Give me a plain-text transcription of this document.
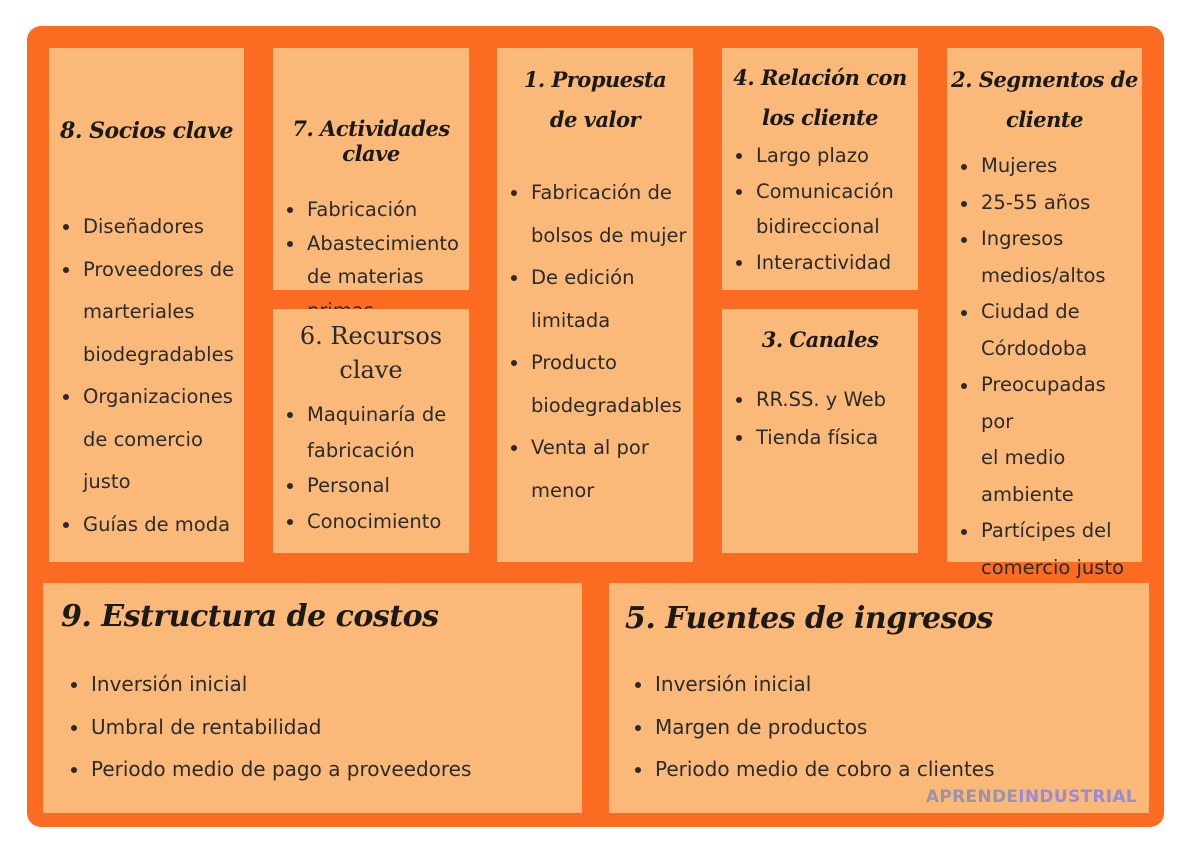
8. Socios clave
Diseñadores
Proveedores de
marteriales
biodegradables
Organizaciones
de comercio
justo
Guías de moda
7. Actividades clave
Fabricación
Abastecimiento
de materias
6. Recursos
clave
Maquinaría de
fabricación
Personal
Conocimiento
1. Propuesta
de valor
Fabricación de
bolsos de mujer
De edición
limitada
Producto
biodegradables
Venta al por
menor
4. Relación con
los cliente
Largo plazo
Comunicación
bidireccional
Interactividad
3. Canales
RR.SS. y Web
Tienda física
2. Segmentos de
cliente
Mujeres
25-55 años
Ingresos
medios/altos
Ciudad de
Córdodoba
Preocupadas por
el medio
ambiente
Partícipes del
comercio justo
9. Estructura de costos
Inversión inicial
Umbral de rentabilidad
Periodo medio de pago a proveedores
5. Fuentes de ingresos
Inversión inicial
Margen de productos
Periodo medio de cobro a clientes
APRENDEINDUSTRIAL
